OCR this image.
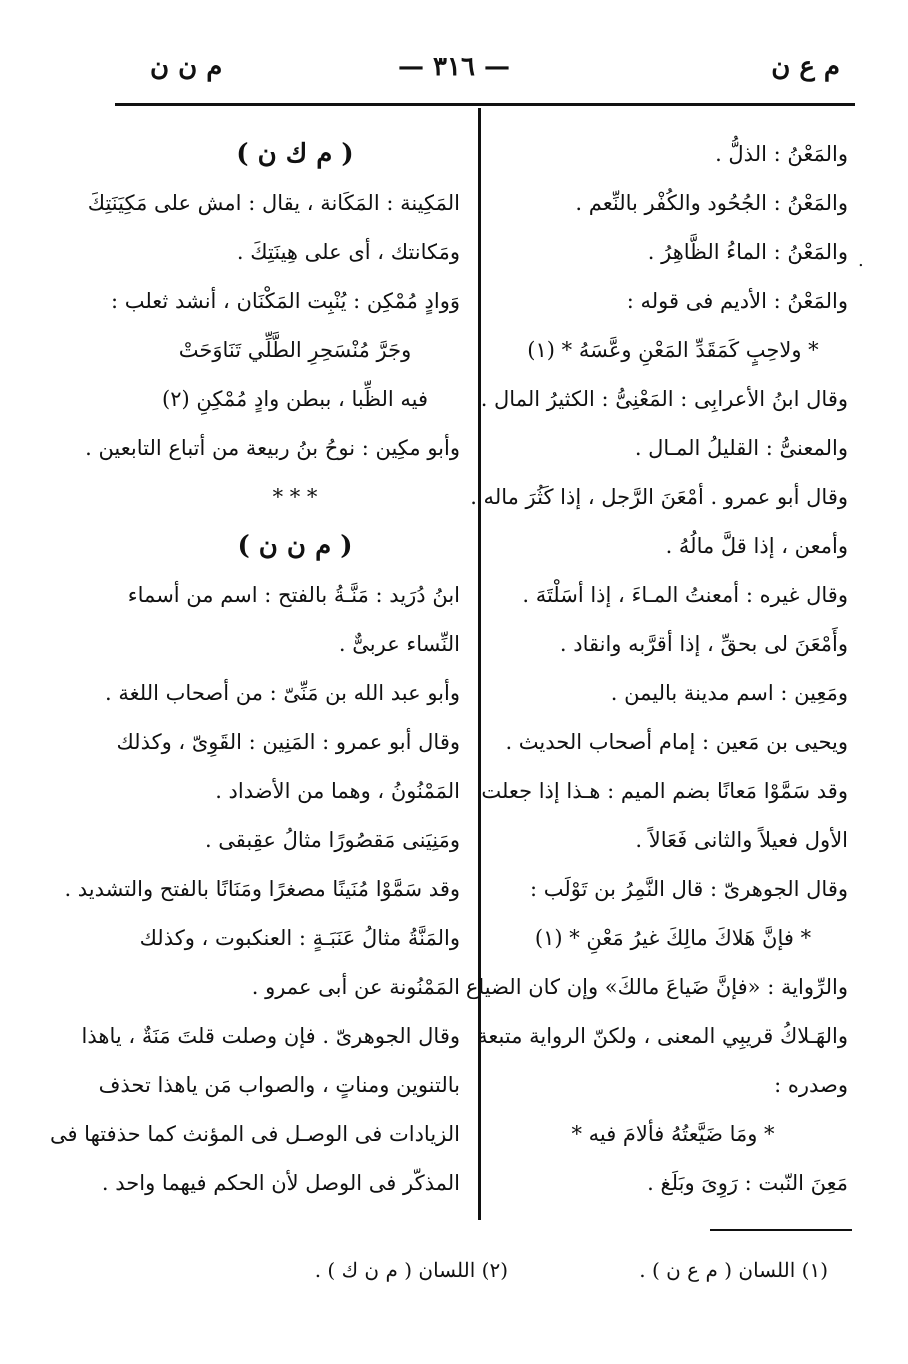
م ع ن
— ٣١٦ —
م ن ن
.
والمَعْنُ : الذلُّ .
والمَعْنُ : الجُحُود والكُفْر بالنِّعم .
والمَعْنُ : الماءُ الظَّاهِرُ .
والمَعْنُ : الأديم فى قوله :
* ولاحِبٍ كَمَقَدِّ المَعْنِ وعَّسَهُ * (١)
وقال ابنُ الأعرابِى : المَعْنِىُّ : الكثيرُ المال .
والمعنىُّ : القليلُ المـال .
وقال أبو عمرو . أمْعَنَ الرَّجل ، إذا كَثُرَ ماله .
وأمعن ، إذا قلَّ مالُهُ .
وقال غيره : أمعنتُ المـاءَ ، إذا أسَلْتَهَ .
وأَمْعَنَ لى بحقِّ ، إذا أقرَّبه وانقاد .
ومَعِين : اسم مدينة باليمن .
ويحيى بن مَعين : إمام أصحاب الحديث .
وقد سَمَّوْا مَعانًا بضم الميم : هـذا إذا جعلت
الأول فعيلاً والثانى فَعَالاً .
وقال الجوهرىّ : قال النَّمِرُ بن تَوْلَب :
* فإنَّ هَلاكَ مالِكَ غيرُ مَعْنِ * (١)
والرِّواية : «فإنَّ ضَياعَ مالكَ» وإن كان الضياع
والهَـلاكُ قريبِي المعنى ، ولكنّ الرواية متبعة
وصدره :
* ومَا ضَيَّعتُهُ فألامَ فيه *
مَعِنَ النّبت : رَوِىَ وبَلَغ .
( م ك ن )
المَكِينة : المَكَانة ، يقال : امش على مَكِيَنَتِكَ
ومَكانتك ، أى على هِينَتِكَ .
وَوادٍ مُمْكِن : يُنْبِت المَكْنَان ، أنشد ثعلب :
وجَرَّ مُنْسَحِرِ الطَّلِّي تَنَاوَحَتْ
فيه الظِّبا ، ببطن وادٍ مُمْكِنِ (٢)
وأبو مكِين : نوحُ بنُ ربيعة من أتباع التابعين .
* * *
( م ن ن )
ابنُ دُرَيد : مَنَّـةُ بالفتح : اسم من أسماء
النِّساء عربىٌّ .
وأبو عبد الله بن مَنِّىّ : من أصحاب اللغة .
وقال أبو عمرو : المَنِين : القَوِىّ ، وكذلك
المَمْنُونُ ، وهما من الأضداد .
ومَنِيَنى مَقصُورًا مثالُ عقِبقى .
وقد سَمَّوْا مُنَينًا مصغرًا ومَنَانًا بالفتح والتشديد .
والمَنَّةُ مثالُ عَنَبَـةٍ : العنكبوت ، وكذلك
المَمْنُونة عن أبى عمرو .
وقال الجوهرىّ . فإن وصلت قلتَ مَنَةٌ ، ياهذا
بالتنوين ومناتٍ ، والصواب مَن ياهذا تحذف
الزيادات فى الوصـل فى المؤنث كما حذفتها فى
المذكّر فى الوصل لأن الحكم فيهما واحد .
(١) اللسان ( م ع ن ) .
(٢) اللسان ( م ن ك ) .
